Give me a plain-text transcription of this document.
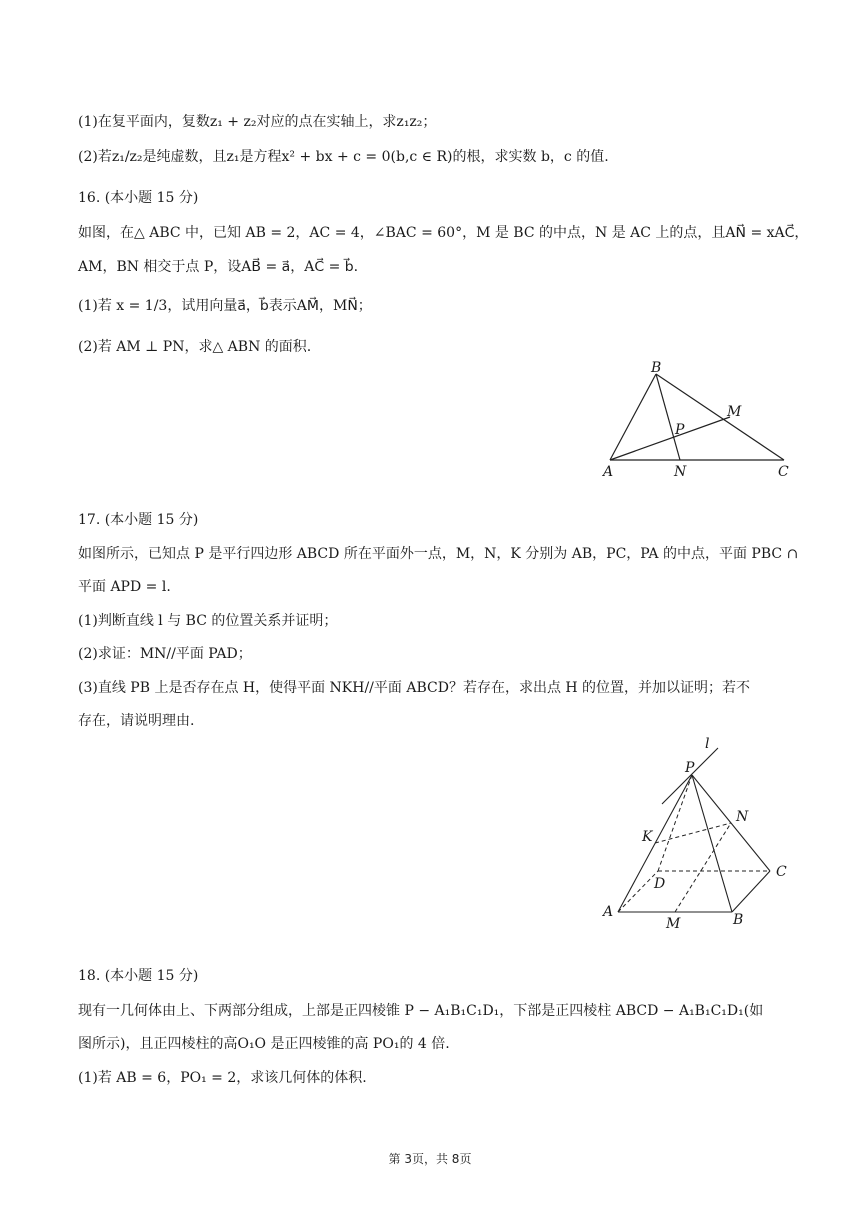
(1)在复平面内，复数z₁ + z₂对应的点在实轴上，求z₁z₂；
(2)若z₁/z₂是纯虚数，且z₁是方程x² + bx + c = 0(b,c ∈ R)的根，求实数 b，c 的值.
16. (本小题 15 分)
如图，在△ ABC 中，已知 AB = 2，AC = 4，∠BAC = 60°，M 是 BC 的中点，N 是 AC 上的点，且AN⃗ = xAC⃗，
AM，BN 相交于点 P，设AB⃗ = a⃗，AC⃗ = b⃗.
(1)若 x = 1/3，试用向量a⃗，b⃗表示AM⃗，MN⃗；
(2)若 AM ⊥ PN，求△ ABN 的面积.
A
B
C
M
N
P
17. (本小题 15 分)
如图所示，已知点 P 是平行四边形 ABCD 所在平面外一点，M，N，K 分别为 AB，PC，PA 的中点，平面 PBC ∩
平面 APD = l.
(1)判断直线 l 与 BC 的位置关系并证明；
(2)求证：MN//平面 PAD；
(3)直线 PB 上是否存在点 H，使得平面 NKH//平面 ABCD？若存在，求出点 H 的位置，并加以证明；若不
存在，请说明理由.
P
l
K
N
D
C
A
M	B
18. (本小题 15 分)
现有一几何体由上、下两部分组成，上部是正四棱锥 P − A₁B₁C₁D₁，下部是正四棱柱 ABCD − A₁B₁C₁D₁(如
图所示)，且正四棱柱的高O₁O 是正四棱锥的高 PO₁的 4 倍.
(1)若 AB = 6，PO₁ = 2，求该几何体的体积.
第 3页，共 8页
